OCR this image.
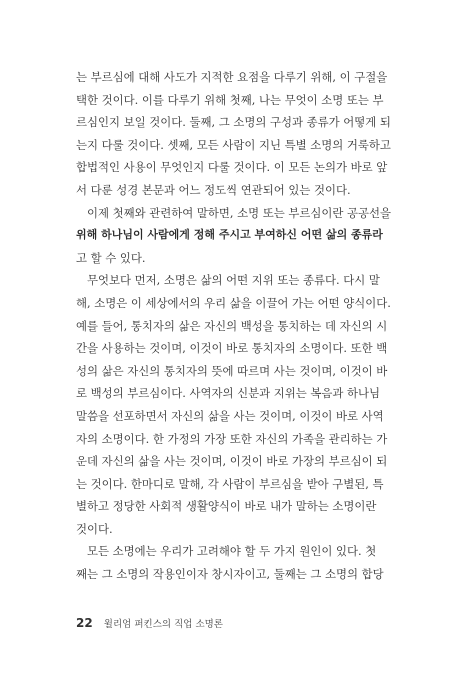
는 부르심에 대해 사도가 지적한 요점을 다루기 위해, 이 구절을
택한 것이다. 이를 다루기 위해 첫째, 나는 무엇이 소명 또는 부
르심인지 보일 것이다. 둘째, 그 소명의 구성과 종류가 어떻게 되
는지 다룰 것이다. 셋째, 모든 사람이 지닌 특별 소명의 거룩하고
합법적인 사용이 무엇인지 다룰 것이다. 이 모든 논의가 바로 앞
서 다룬 성경 본문과 어느 정도씩 연관되어 있는 것이다.
이제 첫째와 관련하여 말하면, 소명 또는 부르심이란 공공선을
위해 하나님이 사람에게 정해 주시고 부여하신 어떤 삶의 종류라
고 할 수 있다.
무엇보다 먼저, 소명은 삶의 어떤 지위 또는 종류다. 다시 말
해, 소명은 이 세상에서의 우리 삶을 이끌어 가는 어떤 양식이다.
예를 들어, 통치자의 삶은 자신의 백성을 통치하는 데 자신의 시
간을 사용하는 것이며, 이것이 바로 통치자의 소명이다. 또한 백
성의 삶은 자신의 통치자의 뜻에 따르며 사는 것이며, 이것이 바
로 백성의 부르심이다. 사역자의 신분과 지위는 복음과 하나님
말씀을 선포하면서 자신의 삶을 사는 것이며, 이것이 바로 사역
자의 소명이다. 한 가정의 가장 또한 자신의 가족을 관리하는 가
운데 자신의 삶을 사는 것이며, 이것이 바로 가장의 부르심이 되
는 것이다. 한마디로 말해, 각 사람이 부르심을 받아 구별된, 특
별하고 정당한 사회적 생활양식이 바로 내가 말하는 소명이란
것이다.
모든 소명에는 우리가 고려해야 할 두 가지 원인이 있다. 첫
째는 그 소명의 작용인이자 창시자이고, 둘째는 그 소명의 합당
22 윌리엄 퍼킨스의 직업 소명론
